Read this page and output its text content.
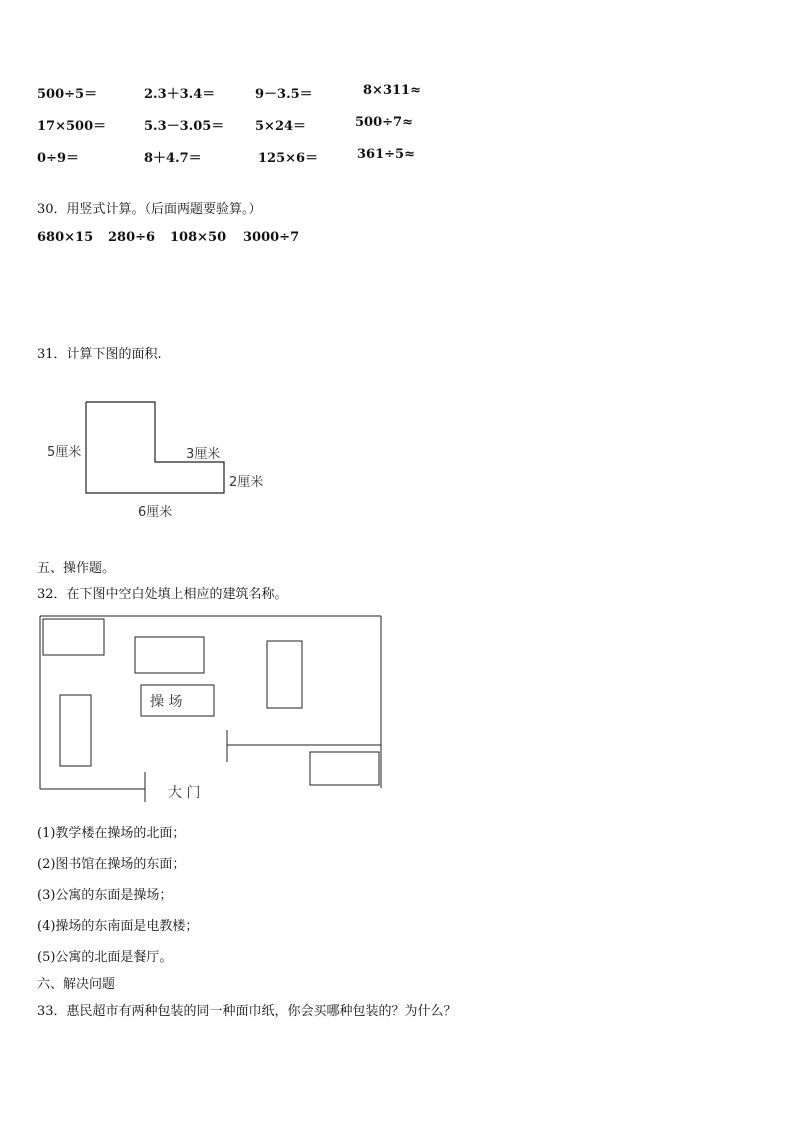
500÷5＝	2.3＋3.4＝	9－3.5＝	8×311≈
17×500＝	5.3－3.05＝ 5×24＝	500÷7≈
0÷9＝	8＋4.7＝	125×6＝	361÷5≈
30．用竖式计算。（后面两题要验算。）
680×15 280÷6 108×50 3000÷7
31．计算下图的面积.
五、操作题。
32．在下图中空白处填上相应的建筑名称。
5厘米	3厘米
2厘米
6厘米
操 场
大 门
(1)教学楼在操场的北面；
(2)图书馆在操场的东面；
(3)公寓的东面是操场；
(4)操场的东南面是电教楼；
(5)公寓的北面是餐厅。
六、解决问题
33．惠民超市有两种包装的同一种面巾纸，你会买哪种包装的？为什么？
